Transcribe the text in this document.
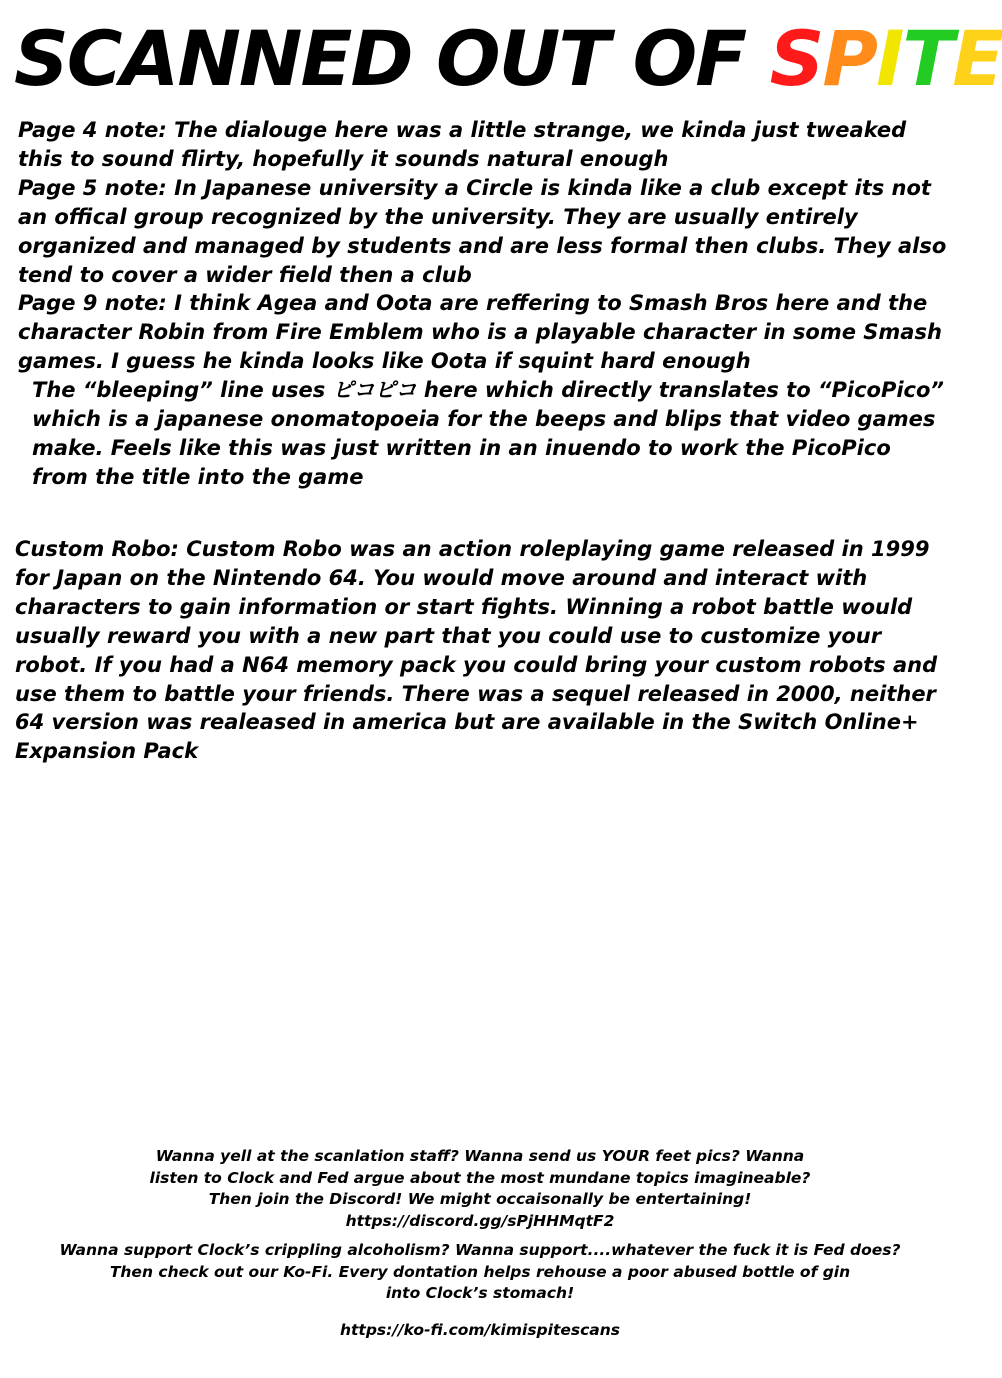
SCANNED OUT OF SPITE

Page 4 note: The dialouge here was a little strange, we kinda just tweaked this to sound flirty, hopefully it sounds natural enough

Page 5 note: In Japanese university a Circle is kinda like a club except its not an offical group recognized by the university. They are usually entirely organized and managed by students and are less formal then clubs. They also tend to cover a wider field then a club

Page 9 note: I think Agea and Oota are reffering to Smash Bros here and the character Robin from Fire Emblem who is a playable character in some Smash games. I guess he kinda looks like Oota if squint hard enough

The “bleeping” line uses ピコピコ here which directly translates to “PicoPico” which is a japanese onomatopoeia for the beeps and blips that video games make. Feels like this was just written in an inuendo to work the PicoPico from the title into the game

Custom Robo: Custom Robo was an action roleplaying game released in 1999 for Japan on the Nintendo 64. You would move around and interact with characters to gain information or start fights. Winning a robot battle would usually reward you with a new part that you could use to customize your robot. If you had a N64 memory pack you could bring your custom robots and use them to battle your friends. There was a sequel released in 2000, neither 64 version was realeased in america but are available in the Switch Online+ Expansion Pack

Wanna yell at the scanlation staff? Wanna send us YOUR feet pics? Wanna

listen to Clock and Fed argue about the most mundane topics imagineable?

Then join the Discord! We might occaisonally be entertaining!

https://discord.gg/sPjHHMqtF2

Wanna support Clock’s crippling alcoholism? Wanna support....whatever the fuck it is Fed does?

Then check out our Ko-Fi. Every dontation helps rehouse a poor abused bottle of gin

into Clock’s stomach!

https://ko-fi.com/kimispitescans
